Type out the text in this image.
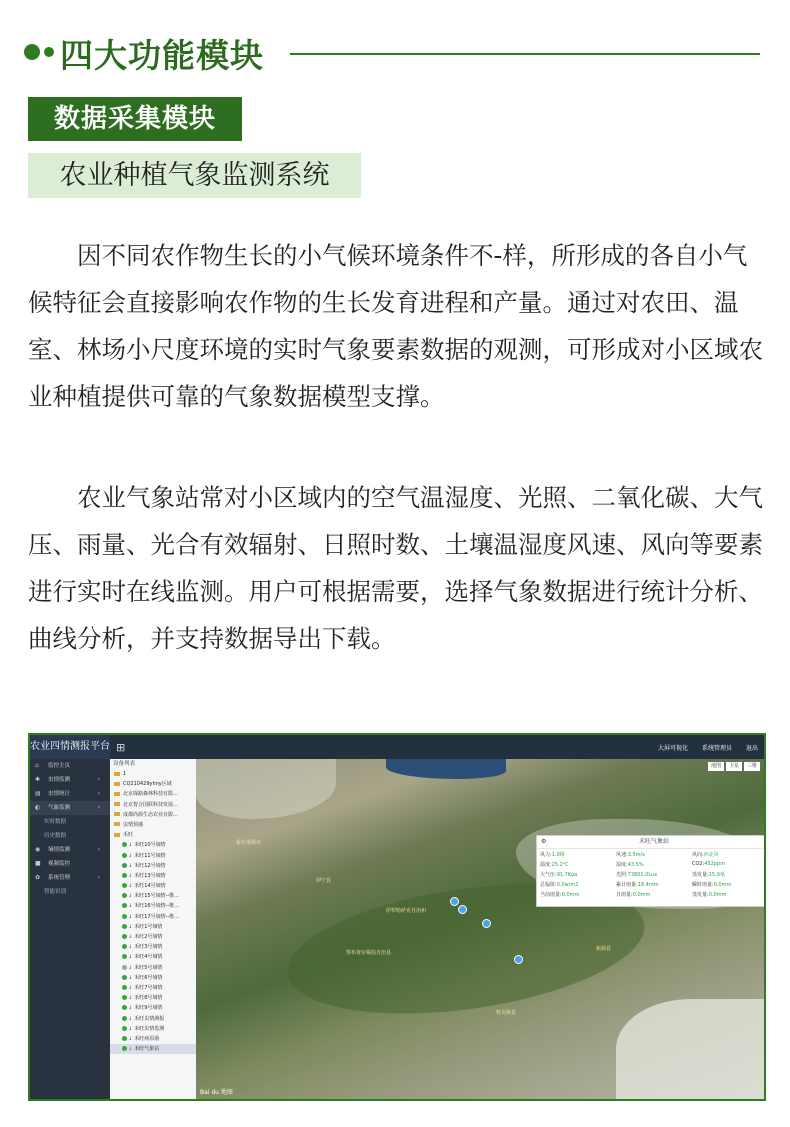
四大功能模块
数据采集模块
农业种植气象监测系统

因不同农作物生长的小气候环境条件不-样，所形成的各自小气候特征会直接影响农作物的生长发育进程和产量。通过对农田、温室、林场小尺度环境的实时气象要素数据的观测，可形成对小区域农业种植提供可靠的气象数据模型支撑。

农业气象站常对小区域内的空气温湿度、光照、二氧化碳、大气压、雨量、光合有效辐射、日照时数、土壤温湿度风速、风向等要素进行实时在线监测。用户可根据需要，选择气象数据进行统计分析、曲线分析，并支持数据导出下载。

农业四情测报平台 ⊞	大屏可视化 系统管理员 退出
⌂ 监控主页
✱ 虫情监测	›
▤ 虫情统计	›
◐ 气象监测	›
实时数据
历史数据
◉ 墒情监测	›
■ 视频监控
✿ 系统管理	›
智能识别
设备列表
1
CQ210429yhny区域
北京琛路森林科技有限...
北京智合国联科技发展...
成都尚源生态农业有限...
虫情预感
禾旺
↓ 禾旺10号墒情
↓ 禾旺11号墒情
↓ 禾旺12号墒情
↓ 禾旺13号墒情
↓ 禾旺14号墒情
↓ 禾旺15号墒情--维...
↓ 禾旺16号墒情--维...
↓ 禾旺17号墒情--维...
↓ 禾旺1号墒情
↓ 禾旺2号墒情
↓ 禾旺3号墒情
↓ 禾旺4号墒情
↓ 禾旺5号墒情
↓ 禾旺6号墒情
↓ 禾旺7号墒情
↓ 禾旺8号墒情
↓ 禾旺9号墒情
↓ 禾旺虫情测报
↓ 禾旺虫情监测
↓ 禾旺病原菌
↓ 禾旺气象站
地图	卫星	三维
霍尔果斯市
伊宁县
伊犁哈萨克自治州
察布查尔锡伯自治县
新源县
特克斯县
⚙	禾旺气象站
风力:1.0级	风速:3.5m/s	风向:西北风
温度:25.2℃	湿度:43.5%	CO2:452ppm
大气压:91.7Kpa	光照:73801.0Lux	蒸发量:15.0毫
总辐射:0.0w/m2	累计雨量:18.4mm	瞬时雨量:0.0mm
当前雨量:0.0mm	日雨量:0.0mm	蒸发量:0.0mm
Bai du 地图
